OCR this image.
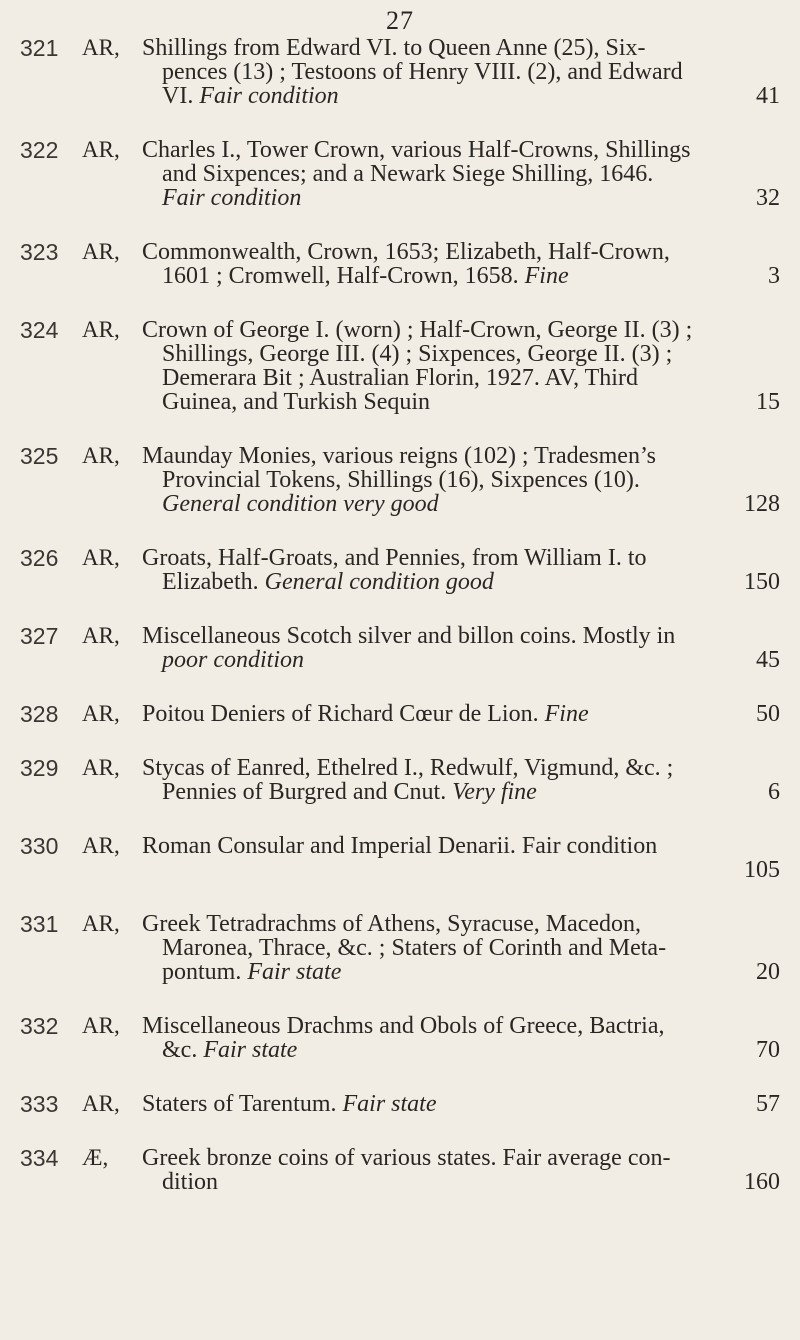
27
321	AR, Shillings from Edward VI. to Queen Anne (25), Six-
pences (13) ; Testoons of Henry VIII. (2), and Edward
VI. Fair condition	41
322	AR, Charles I., Tower Crown, various Half-Crowns, Shillings
and Sixpences; and a Newark Siege Shilling, 1646.
Fair condition	32
323	AR, Commonwealth, Crown, 1653; Elizabeth, Half-Crown,
1601 ; Cromwell, Half-Crown, 1658. Fine	3
324	AR, Crown of George I. (worn) ; Half-Crown, George II. (3) ;
Shillings, George III. (4) ; Sixpences, George II. (3) ;
Demerara Bit ; Australian Florin, 1927. AV, Third
Guinea, and Turkish Sequin	15
325	AR, Maunday Monies, various reigns (102) ; Tradesmen’s
Provincial Tokens, Shillings (16), Sixpences (10).
General condition very good	128
326	AR, Groats, Half-Groats, and Pennies, from William I. to
Elizabeth. General condition good	150
327	AR, Miscellaneous Scotch silver and billon coins. Mostly in
poor condition	45
328	AR, Poitou Deniers of Richard Cœur de Lion. Fine	50
329	AR, Stycas of Eanred, Ethelred I., Redwulf, Vigmund, &c. ;
Pennies of Burgred and Cnut. Very fine	6
330	AR, Roman Consular and Imperial Denarii. Fair condition
105
331	AR, Greek Tetradrachms of Athens, Syracuse, Macedon,
Maronea, Thrace, &c. ; Staters of Corinth and Meta-
pontum. Fair state	20
332	AR, Miscellaneous Drachms and Obols of Greece, Bactria,
&c. Fair state	70
333	AR, Staters of Tarentum. Fair state	57
334	Æ,	Greek bronze coins of various states. Fair average con-
dition	160
